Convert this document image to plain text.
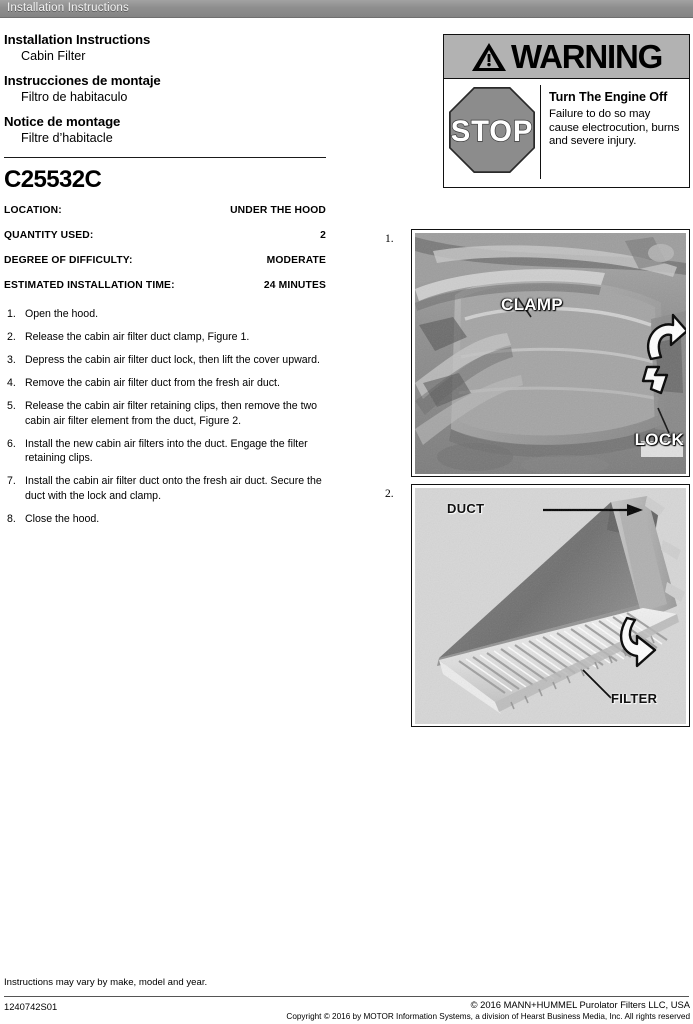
Installation Instructions
Installation Instructions
Cabin Filter
Instrucciones de montaje
Filtro de habitaculo
Notice de montage
Filtre d’habitacle
C25532C
LOCATION:	UNDER THE HOOD
QUANTITY USED:	2
DEGREE OF DIFFICULTY:	MODERATE
ESTIMATED INSTALLATION TIME:	24 MINUTES
1. Open the hood.
2. Release the cabin air filter duct clamp, Figure 1.
3. Depress the cabin air filter duct lock, then lift the cover upward.
4. Remove the cabin air filter duct from the fresh air duct.
5. Release the cabin air filter retaining clips, then remove the two cabin air filter element from the duct, Figure 2.
6. Install the new cabin air filters into the duct. Engage the filter retaining clips.
7. Install the cabin air filter duct onto the fresh air duct. Secure the duct with the lock and clamp.
8. Close the hood.
WARNING
STOP
Turn The Engine Off
Failure to do so may cause electrocution, burns and severe injury.
1.
CLAMP
LOCK
2.
DUCT
FILTER
Instructions may vary by make, model and year.
1240742S01	© 2016 MANN+HUMMEL Purolator Filters LLC, USA
Copyright © 2016 by MOTOR Information Systems, a division of Hearst Business Media, Inc. All rights reserved
